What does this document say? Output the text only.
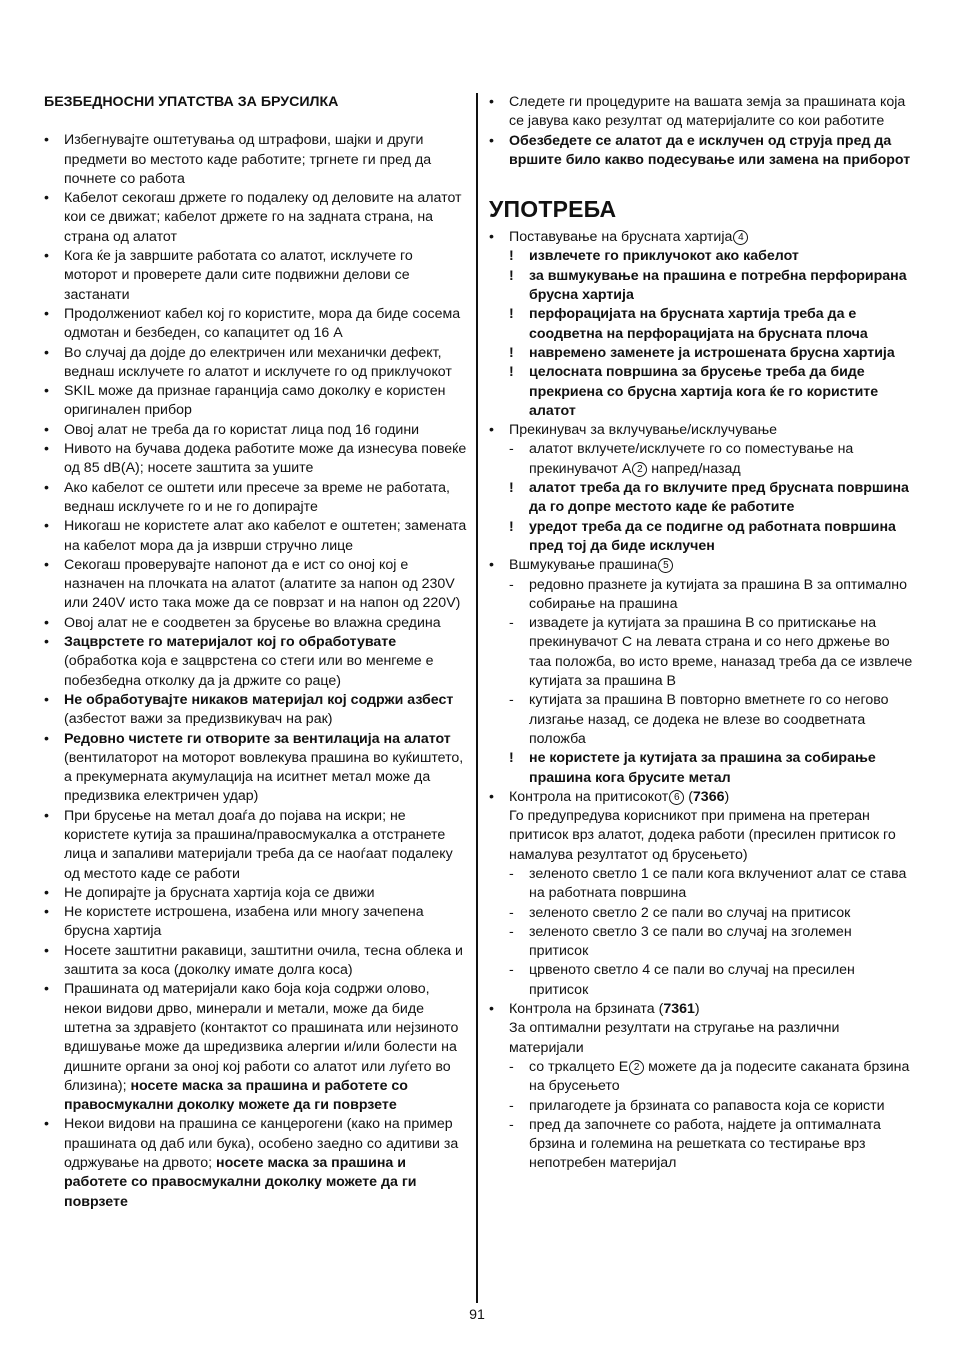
БЕЗБЕДНОСНИ УПАТСТВА ЗА БРУСИЛКА
• Избегнувајте оштетувања од штрафови, шајки и други предмети во местото каде работите; тргнете ги пред да почнете со работа
• Кабелот секогаш држете го подалеку од деловите на алатот кои се движат; кабелот држете го на задната страна, на страна од алатот
• Кога ќе ја завршите работата со алатот, исклучете го моторот и проверете дали сите подвижни делови се застанати
• Продолжениот кабел кој го користите, мора да биде сосема одмотан и безбеден, со капацитет од 16 А
• Во случај да дојде до електричен или механички дефект, веднаш исклучете го алатот и исклучете го од приклучокот
• SKIL може да признае гаранција само доколку е користен оригинален прибор
• Овој алат не треба да го користат лица под 16 години
• Нивото на бучава додека работите може да изнесува повеќе од 85 dB(A); носете заштита за ушите
• Ако кабелот се оштети или пресече за време не работата, веднаш исклучете го и не го допирајте
• Никогаш не користете алат ако кабелот е оштетен; замената на кабелот мора да ја изврши стручно лице
• Секогаш проверувајте напонот да е ист со оној кој е назначен на плочката на алатот (алатите за напон од 230V или 240V исто така може да се поврзат и на напон од 220V)
• Овој алат не е соодветен за брусење во влажна средина
• Зацврстете го материјалот кој го обработувате (обработка која е зацврстена со стеги или во менгеме е побезбедна отколку да ја држите со раце)
• Не обработувајте никаков материјал кој содржи азбест (азбестот важи за предизвикувач на рак)
• Редовно чистете ги отворите за вентилација на алатот (вентилаторот на моторот вовлекува прашина во куќиштето, а прекумерната акумулација на иситнет метал може да предизвика електричен удар)
• При брусење на метал доаѓа до појава на искри; не користете кутија за прашина/правосмукалка а отстранете лица и запаливи материјали треба да се наоѓаат подалеку од местото каде се работи
• Не допирајте ја брусната хартија која се движи
• Не користете истрошена, изабена или многу зачепена брусна хартија
• Носете заштитни ракавици, заштитни очила, тесна облека и заштита за коса (доколку имате долга коса)
• Прашината од материјали како боја која содржи олово, некои видови дрво, минерали и метали, може да биде штетна за здравјето (контактот со прашината или нејзиното вдишување може да шредизвика алергии и/или болести на дишните органи за оној кој работи со алатот или луѓето во близина); носете маска за прашина и работете со правосмукални доколку можете да ги поврзете
• Некои видови на прашина се канцерогени (како на пример прашината од даб или бука), особено заедно со адитиви за одржување на дрвото; носете маска за прашина и работете со правосмукални доколку можете да ги поврзете
• Следете ги процедурите на вашата земја за прашината која се јавува како резултат од материјалите со кои работите
• Обезбедете се алатот да е исклучен од струја пред да вршите било какво подесување или замена на приборот
УПОТРЕБА
• Поставување на брусната хартија 4
! извлечете го приклучокот ако кабелот
! за вшмукување на прашина е потребна перфорирана брусна хартија
! перфорацијата на брусната хартија треба да е соодветна на перфорацијата на брусната плоча
! навремено заменете ја истрошената брусна хартија
! целосната површина за брусење треба да биде прекриена со брусна хартија кога ќе го користите алатот
• Прекинувач за вклучување/исклучување
- алатот вклучете/исклучете го со поместување на прекинувачот А 2 напред/назад
! алатот треба да го вклучите пред брусната површина да го допре местото каде ќе работите
! уредот треба да се подигне од работната површина пред тој да биде исклучен
• Вшмукување прашина 5
- редовно празнете ја кутијата за прашина В за оптимално собирање на прашина
- извадете ја кутијата за прашина В со притискање на прекинувачот С на левата страна и со него држење во таа положба, во исто време, наназад треба да се извлече кутијата за прашина В
- кутијата за прашина В повторно вметнете го со негово лизгање назад, се додека не влезе во соодветната положба
! не користете ја кутијата за прашина за собирање прашина кога брусите метал
• Контрола на притисокот 6 (7366)
Го предупредува корисникот при примена на претеран притисок врз алатот, додека работи (пресилен притисок го намалува резултатот од брусењето)
- зеленото светло 1 се пали кога вклучениот алат се става на работната површина
- зеленото светло 2 се пали во случај на притисок
- зеленото светло 3 се пали во случај на зголемен притисок
- црвеното светло 4 се пали во случај на пресилен притисок
• Контрола на брзината (7361)
За оптимални резултати на стругање на различни материјали
- со тркалцето Е 2 можете да ја подесите саканата брзина на брусењето
- прилагодете ја брзината со рапавоста која се користи
- пред да започнете со работа, најдете ја оптималната брзина и големина на решетката со тестирање врз непотребен материјал
91
